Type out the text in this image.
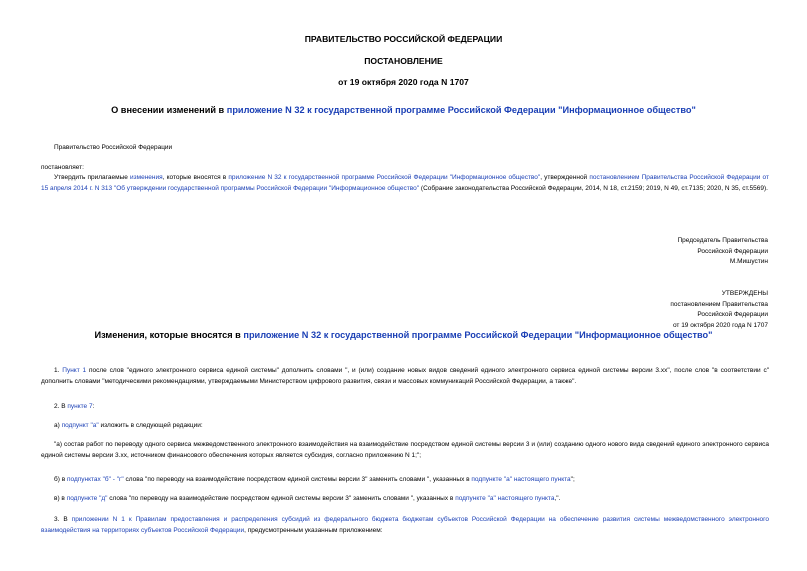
ПРАВИТЕЛЬСТВО РОССИЙСКОЙ ФЕДЕРАЦИИ
ПОСТАНОВЛЕНИЕ
от 19 октября 2020 года N 1707
О внесении изменений в приложение N 32 к государственной программе Российской Федерации "Информационное общество"
Правительство Российской Федерации
постановляет:
Утвердить прилагаемые изменения, которые вносятся в приложение N 32 к государственной программе Российской Федерации "Информационное общество", утвержденной постановлением Правительства Российской Федерации от 15 апреля 2014 г. N 313 "Об утверждении государственной программы Российской Федерации "Информационное общество" (Собрание законодательства Российской Федерации, 2014, N 18, ст.2159; 2019, N 49, ст.7135; 2020, N 35, ст.5569).
Председатель Правительства
Российской Федерации
М.Мишустин
УТВЕРЖДЕНЫ
постановлением Правительства
Российской Федерации
от 19 октября 2020 года N 1707
Изменения, которые вносятся в приложение N 32 к государственной программе Российской Федерации "Информационное общество"
1. Пункт 1 после слов "единого электронного сервиса единой системы" дополнить словами ", и (или) создание новых видов сведений единого электронного сервиса единой системы версии 3.хх", после слов "в соответствии с" дополнить словами "методическими рекомендациями, утверждаемыми Министерством цифрового развития, связи и массовых коммуникаций Российской Федерации, а также".
2. В пункте 7:
а) подпункт "а" изложить в следующей редакции:
"а) состав работ по переводу одного сервиса межведомственного электронного взаимодействия на взаимодействие посредством единой системы версии 3 и (или) созданию одного нового вида сведений единого электронного сервиса единой системы версии 3.хх, источником финансового обеспечения которых является субсидия, согласно приложению N 1;";
б) в подпунктах "б" - "г" слова "по переводу на взаимодействие посредством единой системы версии 3" заменить словами ", указанных в подпункте "а" настоящего пункта";
в) в подпункте "д" слова "по переводу на взаимодействие посредством единой системы версии 3" заменить словами ", указанных в подпункте "а" настоящего пункта,".
3. В приложении N 1 к Правилам предоставления и распределения субсидий из федерального бюджета бюджетам субъектов Российской Федерации на обеспечение развития системы межведомственного электронного взаимодействия на территориях субъектов Российской Федерации, предусмотренным указанным приложением:
